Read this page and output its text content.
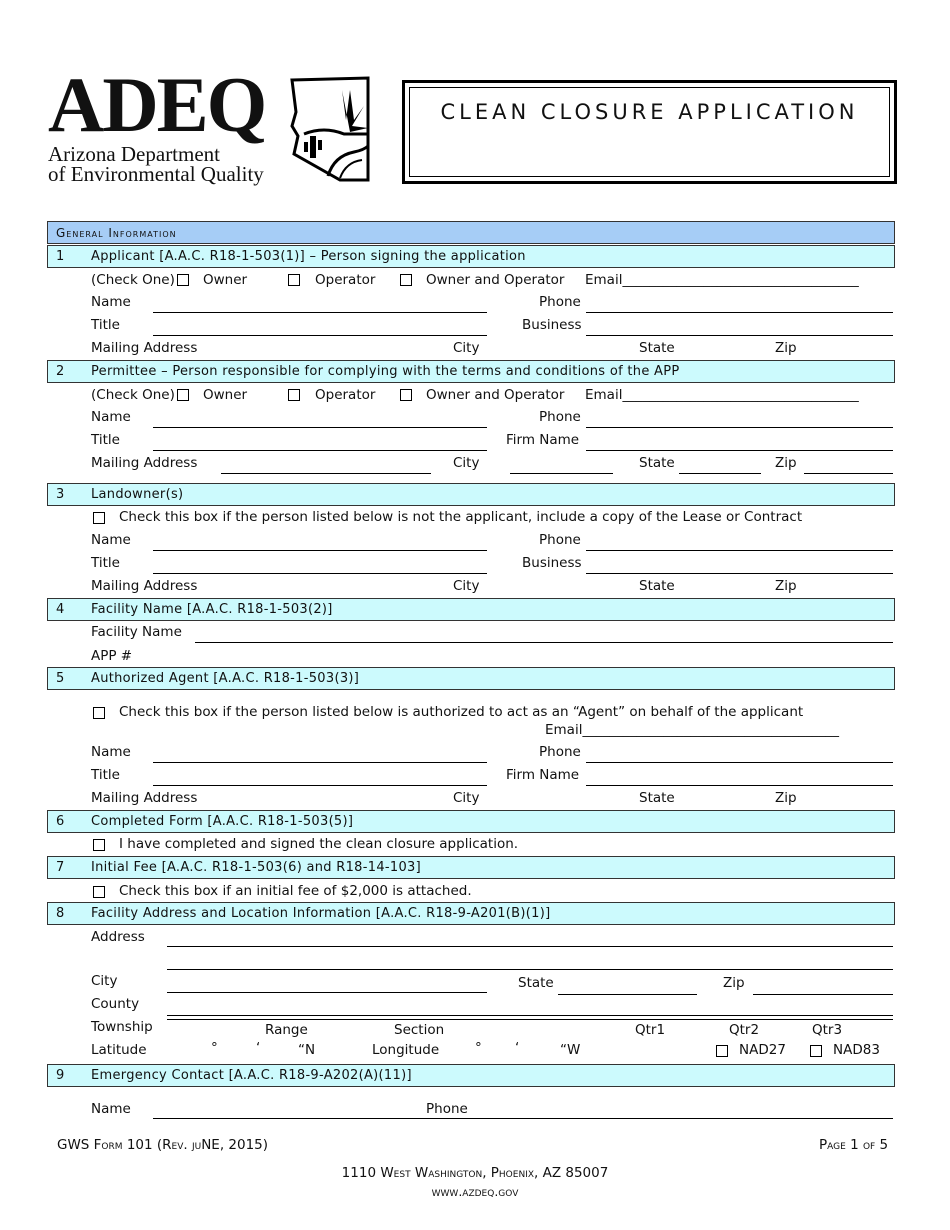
ADEQ
Arizona Department
of Environmental Quality
CLEAN CLOSURE APPLICATION
General Information
1 Applicant [A.A.C. R18-1-503(1)] – Person signing the application
(Check One) Owner	Operator	Owner and Operator Email___________________________________
Name	Phone
Title	Business
Mailing Address	City	State	Zip
2 Permittee – Person responsible for complying with the terms and conditions of the APP
(Check One) Owner	Operator	Owner and Operator Email___________________________________
Name	Phone
Title	Firm Name
Mailing Address	City	State	Zip
3 Landowner(s)
Check this box if the person listed below is not the applicant, include a copy of the Lease or Contract
Name	Phone
Title	Business
Mailing Address	City	State	Zip
4 Facility Name [A.A.C. R18-1-503(2)]
Facility Name
APP #
5 Authorized Agent [A.A.C. R18-1-503(3)]
Check this box if the person listed below is authorized to act as an “Agent” on behalf of the applicant
Email______________________________________
Name	Phone
Title	Firm Name
Mailing Address	City	State	Zip
6 Completed Form [A.A.C. R18-1-503(5)]
I have completed and signed the clean closure application.
7 Initial Fee [A.A.C. R18-1-503(6) and R18-14-103]
Check this box if an initial fee of $2,000 is attached.
8 Facility Address and Location Information [A.A.C. R18-9-A201(B)(1)]
Address
City	State	Zip
County
Township	Range	Section	Qtr1	Qtr2	Qtr3
Latitude	°	‘	“N	Longitude	° ‘	“W	NAD27	NAD83
9 Emergency Contact [A.A.C. R18-9-A202(A)(11)]
Name	Phone
GWS Form 101 (Rev. juNE, 2015)	Page 1 of 5
1110 West Washington, Phoenix, AZ 85007
www.azdeq.gov
